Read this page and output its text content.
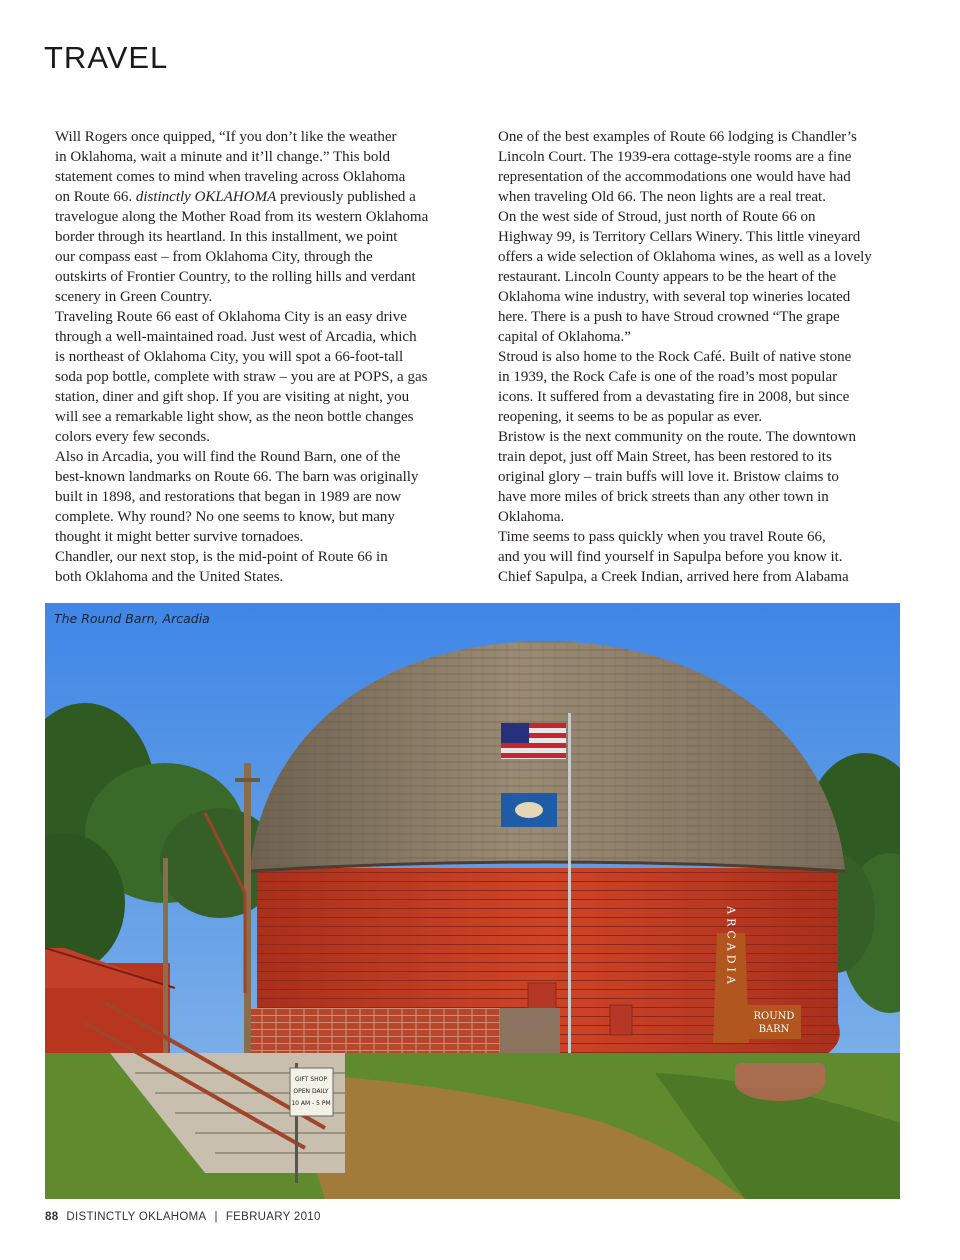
TRAVEL

Will Rogers once quipped, “If you don’t like the weather
in Oklahoma, wait a minute and it’ll change.” This bold
statement comes to mind when traveling across Oklahoma
on Route 66. distinctly OKLAHOMA previously published a
travelogue along the Mother Road from its western Oklahoma
border through its heartland. In this installment, we point
our compass east – from Oklahoma City, through the
outskirts of Frontier Country, to the rolling hills and verdant
scenery in Green Country.

Traveling Route 66 east of Oklahoma City is an easy drive
through a well-maintained road. Just west of Arcadia, which
is northeast of Oklahoma City, you will spot a 66-foot-tall
soda pop bottle, complete with straw – you are at POPS, a gas
station, diner and gift shop. If you are visiting at night, you
will see a remarkable light show, as the neon bottle changes
colors every few seconds.

Also in Arcadia, you will find the Round Barn, one of the
best-known landmarks on Route 66. The barn was originally
built in 1898, and restorations that began in 1989 are now
complete. Why round? No one seems to know, but many
thought it might better survive tornadoes.

Chandler, our next stop, is the mid-point of Route 66 in
both Oklahoma and the United States.

One of the best examples of Route 66 lodging is Chandler’s
Lincoln Court. The 1939-era cottage-style rooms are a fine
representation of the accommodations one would have had
when traveling Old 66. The neon lights are a real treat.

On the west side of Stroud, just north of Route 66 on
Highway 99, is Territory Cellars Winery. This little vineyard
offers a wide selection of Oklahoma wines, as well as a lovely
restaurant. Lincoln County appears to be the heart of the
Oklahoma wine industry, with several top wineries located
here. There is a push to have Stroud crowned “The grape
capital of Oklahoma.”

Stroud is also home to the Rock Café. Built of native stone
in 1939, the Rock Cafe is one of the road’s most popular
icons. It suffered from a devastating fire in 2008, but since
reopening, it seems to be as popular as ever.

Bristow is the next community on the route. The downtown
train depot, just off Main Street, has been restored to its
original glory – train buffs will love it. Bristow claims to
have more miles of brick streets than any other town in
Oklahoma.

Time seems to pass quickly when you travel Route 66,
and you will find yourself in Sapulpa before you know it.
Chief Sapulpa, a Creek Indian, arrived here from Alabama

ARCADIA
ROUND
BARN
GIFT SHOP
OPEN DAILY
10 AM - 5 PM
The Round Barn, Arcadia
88 DISTINCTLY OKLAHOMA | FEBRUARY 2010
